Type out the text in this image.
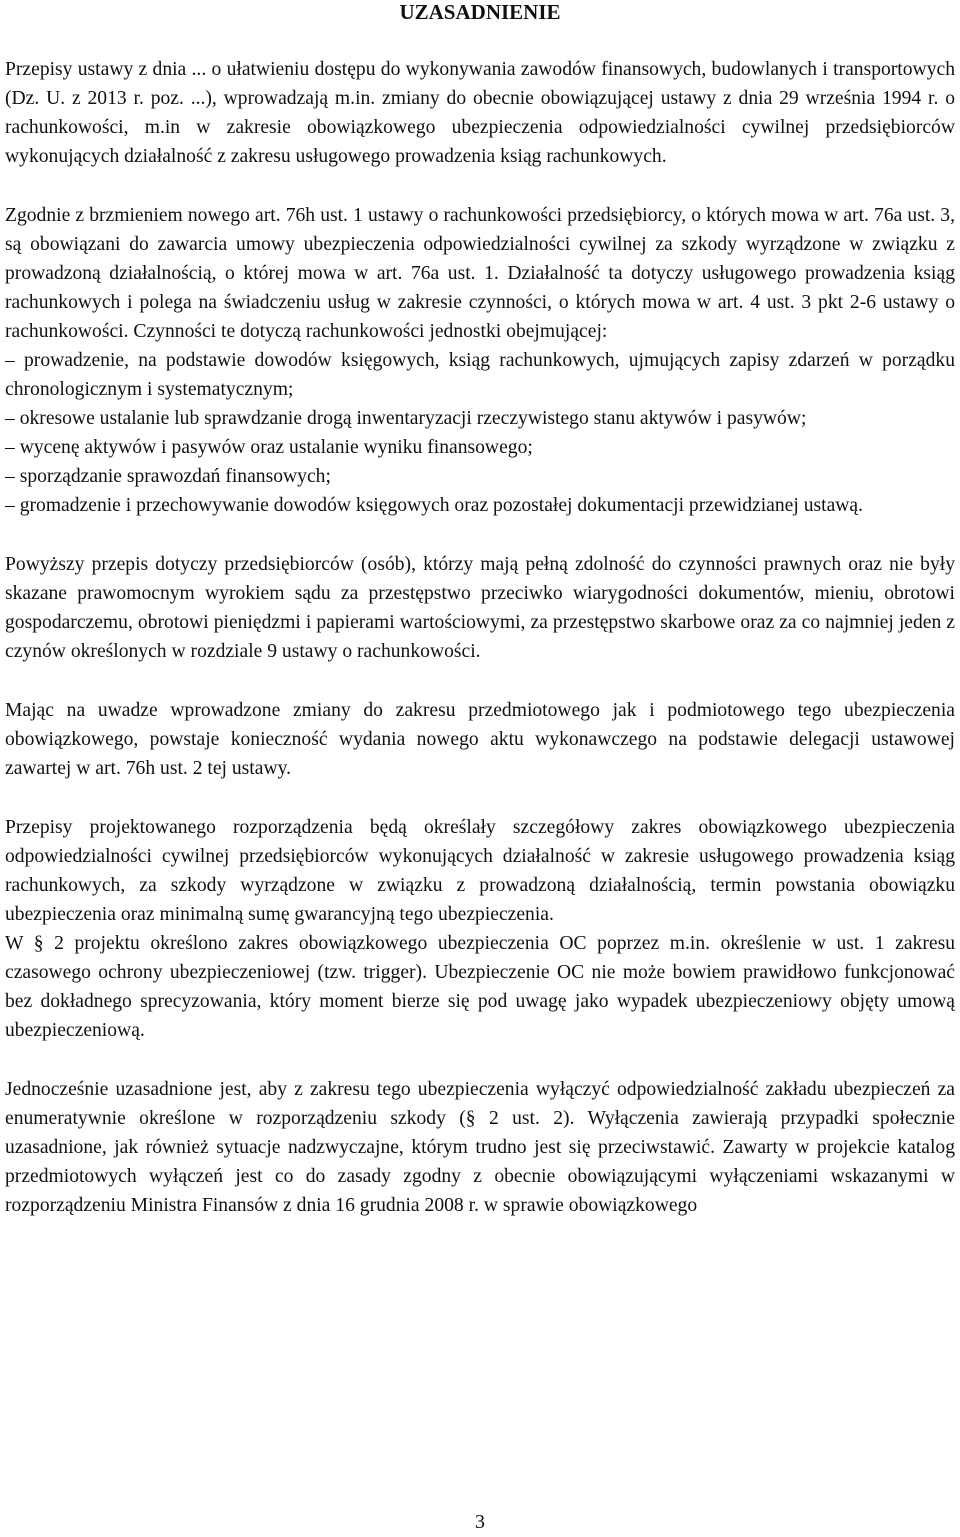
UZASADNIENIE

Przepisy ustawy z dnia ... o ułatwieniu dostępu do wykonywania zawodów finansowych, budowlanych i transportowych (Dz. U. z 2013 r. poz. ...), wprowadzają m.in. zmiany do obecnie obowiązującej ustawy z dnia 29 września 1994 r. o rachunkowości, m.in w zakresie obowiązkowego ubezpieczenia odpowiedzialności cywilnej przedsiębiorców wykonujących działalność z zakresu usługowego prowadzenia ksiąg rachunkowych.

Zgodnie z brzmieniem nowego art. 76h ust. 1 ustawy o rachunkowości przedsiębiorcy, o których mowa w art. 76a ust. 3, są obowiązani do zawarcia umowy ubezpieczenia odpowiedzialności cywilnej za szkody wyrządzone w związku z prowadzoną działalnością, o której mowa w art. 76a ust. 1. Działalność ta dotyczy usługowego prowadzenia ksiąg rachunkowych i polega na świadczeniu usług w zakresie czynności, o których mowa w art. 4 ust. 3 pkt 2-6 ustawy o rachunkowości. Czynności te dotyczą rachunkowości jednostki obejmującej:

– prowadzenie, na podstawie dowodów księgowych, ksiąg rachunkowych, ujmujących zapisy zdarzeń w porządku chronologicznym i systematycznym;
– okresowe ustalanie lub sprawdzanie drogą inwentaryzacji rzeczywistego stanu aktywów i pasywów;
– wycenę aktywów i pasywów oraz ustalanie wyniku finansowego;
– sporządzanie sprawozdań finansowych;
– gromadzenie i przechowywanie dowodów księgowych oraz pozostałej dokumentacji przewidzianej ustawą.

Powyższy przepis dotyczy przedsiębiorców (osób), którzy mają pełną zdolność do czynności prawnych oraz nie były skazane prawomocnym wyrokiem sądu za przestępstwo przeciwko wiarygodności dokumentów, mieniu, obrotowi gospodarczemu, obrotowi pieniędzmi i papierami wartościowymi, za przestępstwo skarbowe oraz za co najmniej jeden z czynów określonych w rozdziale 9 ustawy o rachunkowości.

Mając na uwadze wprowadzone zmiany do zakresu przedmiotowego jak i podmiotowego tego ubezpieczenia obowiązkowego, powstaje konieczność wydania nowego aktu wykonawczego na podstawie delegacji ustawowej zawartej w art. 76h ust. 2 tej ustawy.

Przepisy projektowanego rozporządzenia będą określały szczegółowy zakres obowiązkowego ubezpieczenia odpowiedzialności cywilnej przedsiębiorców wykonujących działalność w zakresie usługowego prowadzenia ksiąg rachunkowych, za szkody wyrządzone w związku z prowadzoną działalnością, termin powstania obowiązku ubezpieczenia oraz minimalną sumę gwarancyjną tego ubezpieczenia.

W § 2 projektu określono zakres obowiązkowego ubezpieczenia OC poprzez m.in. określenie w ust. 1 zakresu czasowego ochrony ubezpieczeniowej (tzw. trigger). Ubezpieczenie OC nie może bowiem prawidłowo funkcjonować bez dokładnego sprecyzowania, który moment bierze się pod uwagę jako wypadek ubezpieczeniowy objęty umową ubezpieczeniową.

Jednocześnie uzasadnione jest, aby z zakresu tego ubezpieczenia wyłączyć odpowiedzialność zakładu ubezpieczeń za enumeratywnie określone w rozporządzeniu szkody (§ 2 ust. 2). Wyłączenia zawierają przypadki społecznie uzasadnione, jak również sytuacje nadzwyczajne, którym trudno jest się przeciwstawić. Zawarty w projekcie katalog przedmiotowych wyłączeń jest co do zasady zgodny z obecnie obowiązującymi wyłączeniami wskazanymi w rozporządzeniu Ministra Finansów z dnia 16 grudnia 2008 r. w sprawie obowiązkowego

3
